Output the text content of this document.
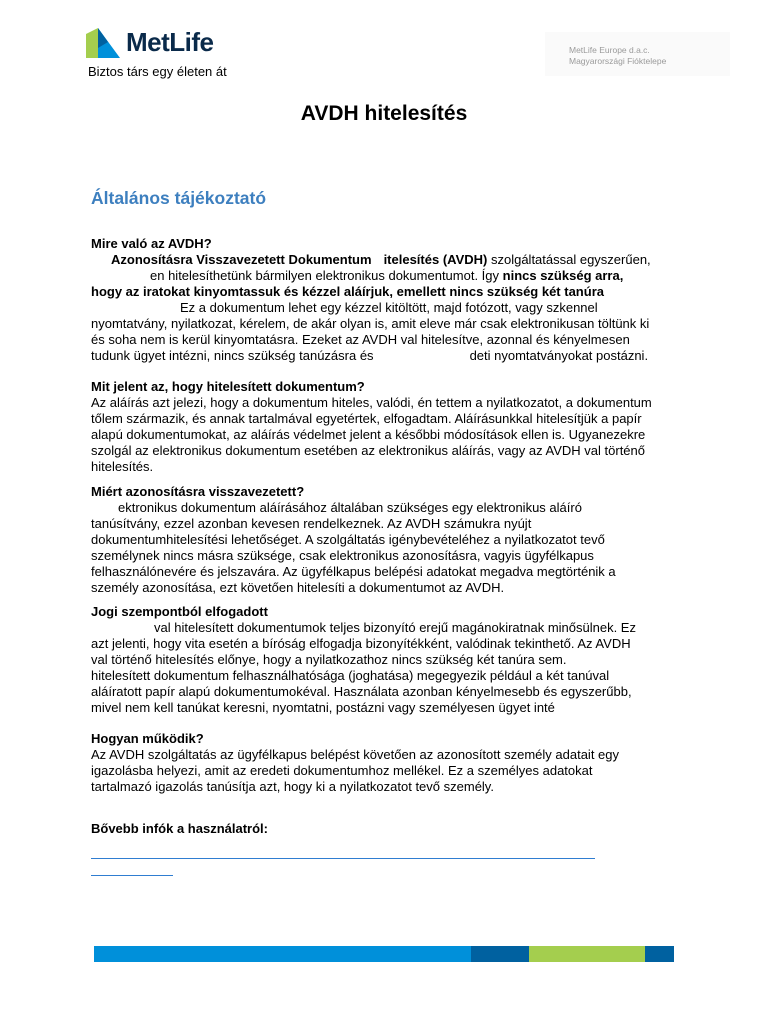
MetLife
Biztos társ egy életen át
MetLife Europe d.a.c.
Magyarországi Fióktelepe
AVDH hitelesítés
Általános tájékoztató
Mire való az AVDH?
Azonosításra Visszavezetett Dokumentum itelesítés (AVDH) szolgáltatással egyszerűen,
en hitelesíthetünk bármilyen elektronikus dokumentumot. Így nincs szükség arra,
hogy az iratokat kinyomtassuk és kézzel aláírjuk, emellett nincs szükség két tanúra
Ez a dokumentum lehet egy kézzel kitöltött, majd fotózott, vagy szkennel
nyomtatvány, nyilatkozat, kérelem, de akár olyan is, amit eleve már csak elektronikusan töltünk ki
és soha nem is kerül kinyomtatásra. Ezeket az AVDH val hitelesítve, azonnal és kényelmesen
tudunk ügyet intézni, nincs szükség tanúzásra és	deti nyomtatványokat postázni.
Mit jelent az, hogy hitelesített dokumentum?
Az aláírás azt jelezi, hogy a dokumentum hiteles, valódi, én tettem a nyilatkozatot, a dokumentum
tőlem származik, és annak tartalmával egyetértek, elfogadtam. Aláírásunkkal hitelesítjük a papír
alapú dokumentumokat, az aláírás védelmet jelent a későbbi módosítások ellen is. Ugyanezekre
szolgál az elektronikus dokumentum esetében az elektronikus aláírás, vagy az AVDH val történő
hitelesítés.
Miért azonosításra visszavezetett?
ektronikus dokumentum aláírásához általában szükséges egy elektronikus aláíró
tanúsítvány, ezzel azonban kevesen rendelkeznek. Az AVDH számukra nyújt
dokumentumhitelesítési lehetőséget. A szolgáltatás igénybevételéhez a nyilatkozatot tevő
személynek nincs másra szüksége, csak elektronikus azonosításra, vagyis ügyfélkapus
felhasználónevére és jelszavára. Az ügyfélkapus belépési adatokat megadva megtörténik a
személy azonosítása, ezt követően hitelesíti a dokumentumot az AVDH.
Jogi szempontból elfogadott
val hitelesített dokumentumok teljes bizonyító erejű magánokiratnak minősülnek. Ez
azt jelenti, hogy vita esetén a bíróság elfogadja bizonyítékként, valódinak tekinthető. Az AVDH
val történő hitelesítés előnye, hogy a nyilatkozathoz nincs szükség két tanúra sem.
hitelesített dokumentum felhasználhatósága (joghatása) megegyezik például a két tanúval
aláíratott papír alapú dokumentumokéval. Használata azonban kényelmesebb és egyszerűbb,
mivel nem kell tanúkat keresni, nyomtatni, postázni vagy személyesen ügyet inté
Hogyan működik?
Az AVDH szolgáltatás az ügyfélkapus belépést követően az azonosított személy adatait egy
igazolásba helyezi, amit az eredeti dokumentumhoz mellékel. Ez a személyes adatokat
tartalmazó igazolás tanúsítja azt, hogy ki a nyilatkozatot tevő személy.
Bővebb infók a használatról:
